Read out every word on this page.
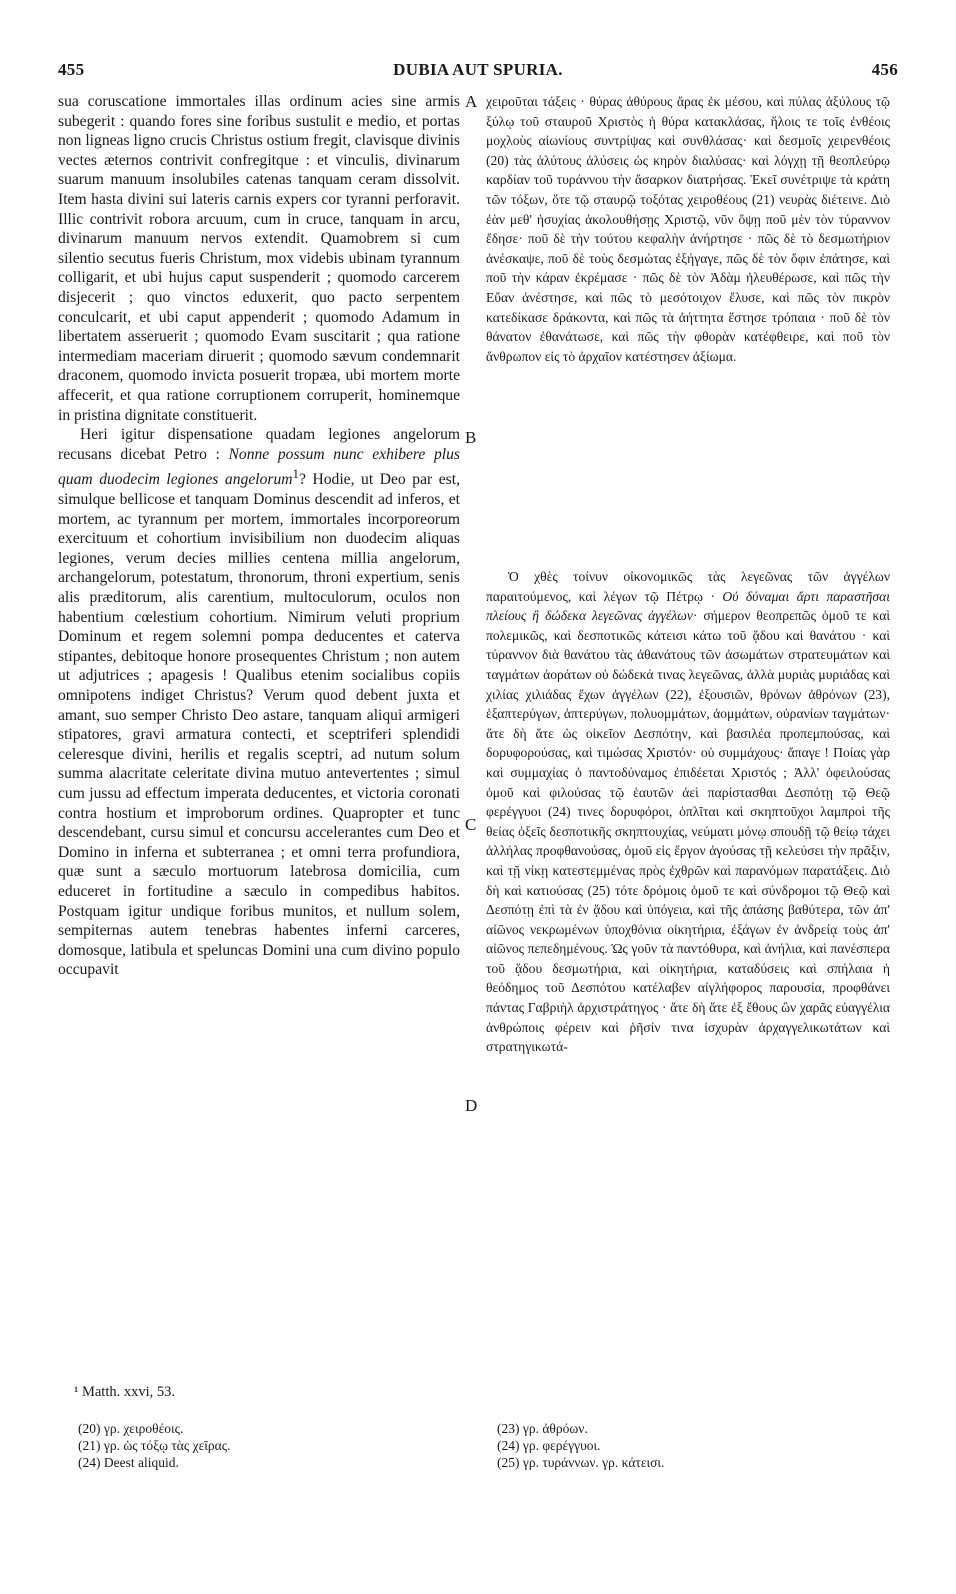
455	DUBIA AUT SPURIA.	456

sua coruscatione immortales illas ordinum acies sine armis subegerit : quando fores sine foribus sustulit e medio, et portas non ligneas ligno crucis Christus ostium fregit, clavisque divinis vectes æternos contrivit confregitque : et vinculis, divinarum suarum manuum insolubiles catenas tanquam ceram dissolvit. Item hasta divini sui lateris carnis expers cor tyranni perforavit. Illic contrivit robora arcuum, cum in cruce, tanquam in arcu, divinarum manuum nervos extendit. Quamobrem si cum silentio secutus fueris Christum, mox videbis ubinam tyrannum colligarit, et ubi hujus caput suspenderit ; quomodo carcerem disjecerit ; quo vinctos eduxerit, quo pacto serpentem conculcarit, et ubi caput appenderit ; quomodo Adamum in libertatem asseruerit ; quomodo Evam suscitarit ; qua ratione intermediam maceriam diruerit ; quomodo sævum condemnarit draconem, quomodo invicta posuerit tropæa, ubi mortem morte affecerit, et qua ratione corruptionem corruperit, hominemque in pristina dignitate constituerit.

Heri igitur dispensatione quadam legiones angelorum recusans dicebat Petro : Nonne possum nunc exhibere plus quam duodecim legiones angelorum$^1$? Hodie, ut Deo par est, simulque bellicose et tanquam Dominus descendit ad inferos, et mortem, ac tyrannum per mortem, immortales incorporeorum exercituum et cohortium invisibilium non duodecim aliquas legiones, verum decies millies centena millia angelorum, archangelorum, potestatum, thronorum, throni expertium, senis alis præditorum, alis carentium, multoculorum, oculos non habentium cœlestium cohortium. Nimirum veluti proprium Dominum et regem solemni pompa deducentes et caterva stipantes, debitoque honore prosequentes Christum ; non autem ut adjutrices ; apagesis ! Qualibus etenim socialibus copiis omnipotens indiget Christus? Verum quod debent juxta et amant, suo semper Christo Deo astare, tanquam aliqui armigeri stipatores, gravi armatura contecti, et sceptriferi splendidi celeresque divini, herilis et regalis sceptri, ad nutum solum summa alacritate celeritate divina mutuo antevertentes ; simul cum jussu ad effectum imperata deducentes, et victoria coronati contra hostium et improborum ordines. Quapropter et tunc descendebant, cursu simul et concursu accelerantes cum Deo et Domino in inferna et subterranea ; et omni terra profundiora, quæ sunt a sæculo mortuorum latebrosa domicilia, cum educeret in fortitudine a sæculo in compedibus habitos. Postquam igitur undique foribus munitos, et nullum solem, sempiternas autem tenebras habentes inferni carceres, domosque, latibula et speluncas Domini una cum divino populo occupavit

χειροῦται τάξεις · θύρας ἀθύρους ἄρας ἐκ μέσου, καὶ πύλας ἀξύλους τῷ ξύλῳ τοῦ σταυροῦ Χριστὸς ἡ θύρα κατακλάσας, ἥλοις τε τοῖς ἐνθέοις μοχλοὺς αἰωνίους συντρίψας καὶ συνθλάσας· καὶ δεσμοῖς χειρενθέοις (20) τὰς ἀλύτους ἀλύσεις ὡς κηρὸν διαλύσας· καὶ λόγχῃ τῇ θεοπλεύρῳ καρδίαν τοῦ τυράννου τὴν ἄσαρκον διατρήσας. Ἐκεῖ συνέτριψε τὰ κράτη τῶν τόξων, ὅτε τῷ σταυρῷ τοξότας χειροθέους (21) νευρὰς διέτεινε. Διὸ ἐὰν μεθ' ἡσυχίας ἀκολουθήσῃς Χριστῷ, νῦν ὄψῃ ποῦ μὲν τὸν τύραννον ἔδησε· ποῦ δὲ τὴν τούτου κεφαλὴν ἀνήρτησε · πῶς δὲ τὸ δεσμωτήριον ἀνέσκαψε, ποῦ δὲ τοὺς δεσμώτας ἐξήγαγε, πῶς δὲ τὸν ὄφιν ἐπάτησε, καὶ ποῦ τὴν κάραν ἐκρέμασε · πῶς δὲ τὸν Ἀδὰμ ἠλευθέρωσε, καὶ πῶς τὴν Εὔαν ἀνέστησε, καὶ πῶς τὸ μεσότοιχον ἔλυσε, καὶ πῶς τὸν πικρὸν κατεδίκασε δράκοντα, καὶ πῶς τὰ ἀήττητα ἔστησε τρόπαια · ποῦ δὲ τὸν θάνατον ἐθανάτωσε, καὶ πῶς τὴν φθορὰν κατέφθειρε, καὶ ποῦ τὸν ἄνθρωπον εἰς τὸ ἀρχαῖον κατέστησεν ἀξίωμα.

Ὁ χθὲς τοίνυν οἰκονομικῶς τὰς λεγεῶνας τῶν ἀγγέλων παραιτούμενος, καὶ λέγων τῷ Πέτρῳ · Οὐ δύναμαι ἄρτι παραστῆσαι πλείους ἢ δώδεκα λεγεῶνας ἀγγέλων· σήμερον θεοπρεπῶς ὁμοῦ τε καὶ πολεμικῶς, καὶ δεσποτικῶς κάτεισι κάτω τοῦ ᾅδου καὶ θανάτου · καὶ τύραννον διὰ θανάτου τὰς ἀθανάτους τῶν ἀσωμάτων στρατευμάτων καὶ ταγμάτων ἀοράτων οὐ δώδεκά τινας λεγεῶνας, ἀλλὰ μυριὰς μυριάδας καὶ χιλίας χιλιάδας ἔχων ἀγγέλων (22), ἐξουσιῶν, θρόνων ἀθρόνων (23), ἑξαπτερύγων, ἀπτερύγων, πολυομμάτων, ἀομμάτων, οὐρανίων ταγμάτων· ἅτε δὴ ἅτε ὡς οἰκεῖον Δεσπότην, καὶ βασιλέα προπεμπούσας, καὶ δορυφορούσας, καὶ τιμώσας Χριστόν· οὐ συμμάχους· ἄπαγε ! Ποίας γὰρ καὶ συμμαχίας ὁ παντοδύναμος ἐπιδέεται Χριστός ; Ἀλλ' ὀφειλούσας ὁμοῦ καὶ φιλούσας τῷ ἑαυτῶν ἀεὶ παρίστασθαι Δεσπότῃ τῷ Θεῷ φερέγγυοι (24) τινες δορυφόροι, ὁπλῖται καὶ σκηπτοῦχοι λαμπροὶ τῆς θείας ὀξεῖς δεσποτικῆς σκηπτουχίας, νεύματι μόνῳ σπουδῇ τῷ θείῳ τάχει ἀλλήλας προφθανούσας, ὁμοῦ εἰς ἔργον ἀγούσας τῇ κελεύσει τὴν πρᾶξιν, καὶ τῇ νίκῃ κατεστεμμένας πρὸς ἐχθρῶν καὶ παρανόμων παρατάξεις. Διὸ δὴ καὶ κατιούσας (25) τότε δρόμοις ὁμοῦ τε καὶ σύνδρομοι τῷ Θεῷ καὶ Δεσπότῃ ἐπὶ τὰ ἐν ᾅδου καὶ ὑπόγεια, καὶ τῆς ἁπάσης βαθύτερα, τῶν ἀπ' αἰῶνος νεκρωμένων ὑποχθόνια οἰκητήρια, ἐξάγων ἐν ἀνδρείᾳ τοὺς ἀπ' αἰῶνος πεπεδημένους. Ὡς γοῦν τὰ παντόθυρα, καὶ ἀνήλια, καὶ πανέσπερα τοῦ ᾅδου δεσμωτήρια, καὶ οἰκητήρια, καταδύσεις καὶ σπήλαια ἡ θεόδημος τοῦ Δεσπότου κατέλαβεν αἰγλήφορος παρουσία, προφθάνει πάντας Γαβριὴλ ἀρχιστράτηγος · ἅτε δὴ ἅτε ἐξ ἔθους ὢν χαρᾶς εὐαγγέλια ἀνθρώποις φέρειν καὶ ῥῆσίν τινα ἰσχυρὰν ἀρχαγγελικωτάτων καὶ στρατηγικωτά-

A
B
C
D
¹ Matth. xxvi, 53.
(20) γρ. χειροθέοις.
(21) γρ. ὡς τόξῳ τὰς χεῖρας.
(24) Deest aliquid.
(23) γρ. ἀθρόων.
(24) γρ. φερέγγυοι.
(25) γρ. τυράννων. γρ. κάτεισι.
